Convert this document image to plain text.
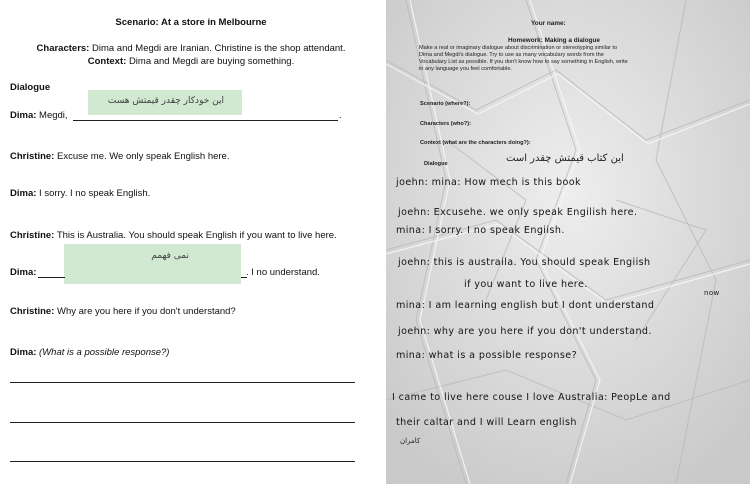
Scenario: At a store in Melbourne
Characters: Dima and Megdi are Iranian. Christine is the shop attendant.
Context: Dima and Megdi are buying something.
Dialogue
این خودکار چقدر قیمتش هست
Dima: Megdi,	.
Christine: Excuse me. We only speak English here.
Dima: I sorry. I no speak English.
Christine: This is Australia. You should speak English if you want to live here.
نمی فهمم
Dima:	. I no understand.
Christine: Why are you here if you don't understand?
Dima: (What is a possible response?)
Your name:
Homework: Making a dialogue
Make a real or imaginary dialogue about discrimination or stereotyping similar to
Dima and Megdi's dialogue. Try to use as many vocabulary words from the
Vocabulary List as possible. If you don't know how to say something in English, write
in any language you feel comfortable.
Scenario (where?):
Characters (who?):
Context (what are the characters doing?):
Dialogue	این کتاب قیمتش چقدر است
joehn: mina: How mech is this book
joehn: Excusehe. we only speak Engilish here.
mina: I sorry. I no speak Engiish.
joehn: this is austraila. You should speak Engiish
if you want to live here.
now
mina: I am learning english but I dont understand
joehn: why are you here if you don't understand.
mina: what is a possible response?
I came to live here couse I love Australia: PeopLe and
their caltar and I will Learn english
کامران
